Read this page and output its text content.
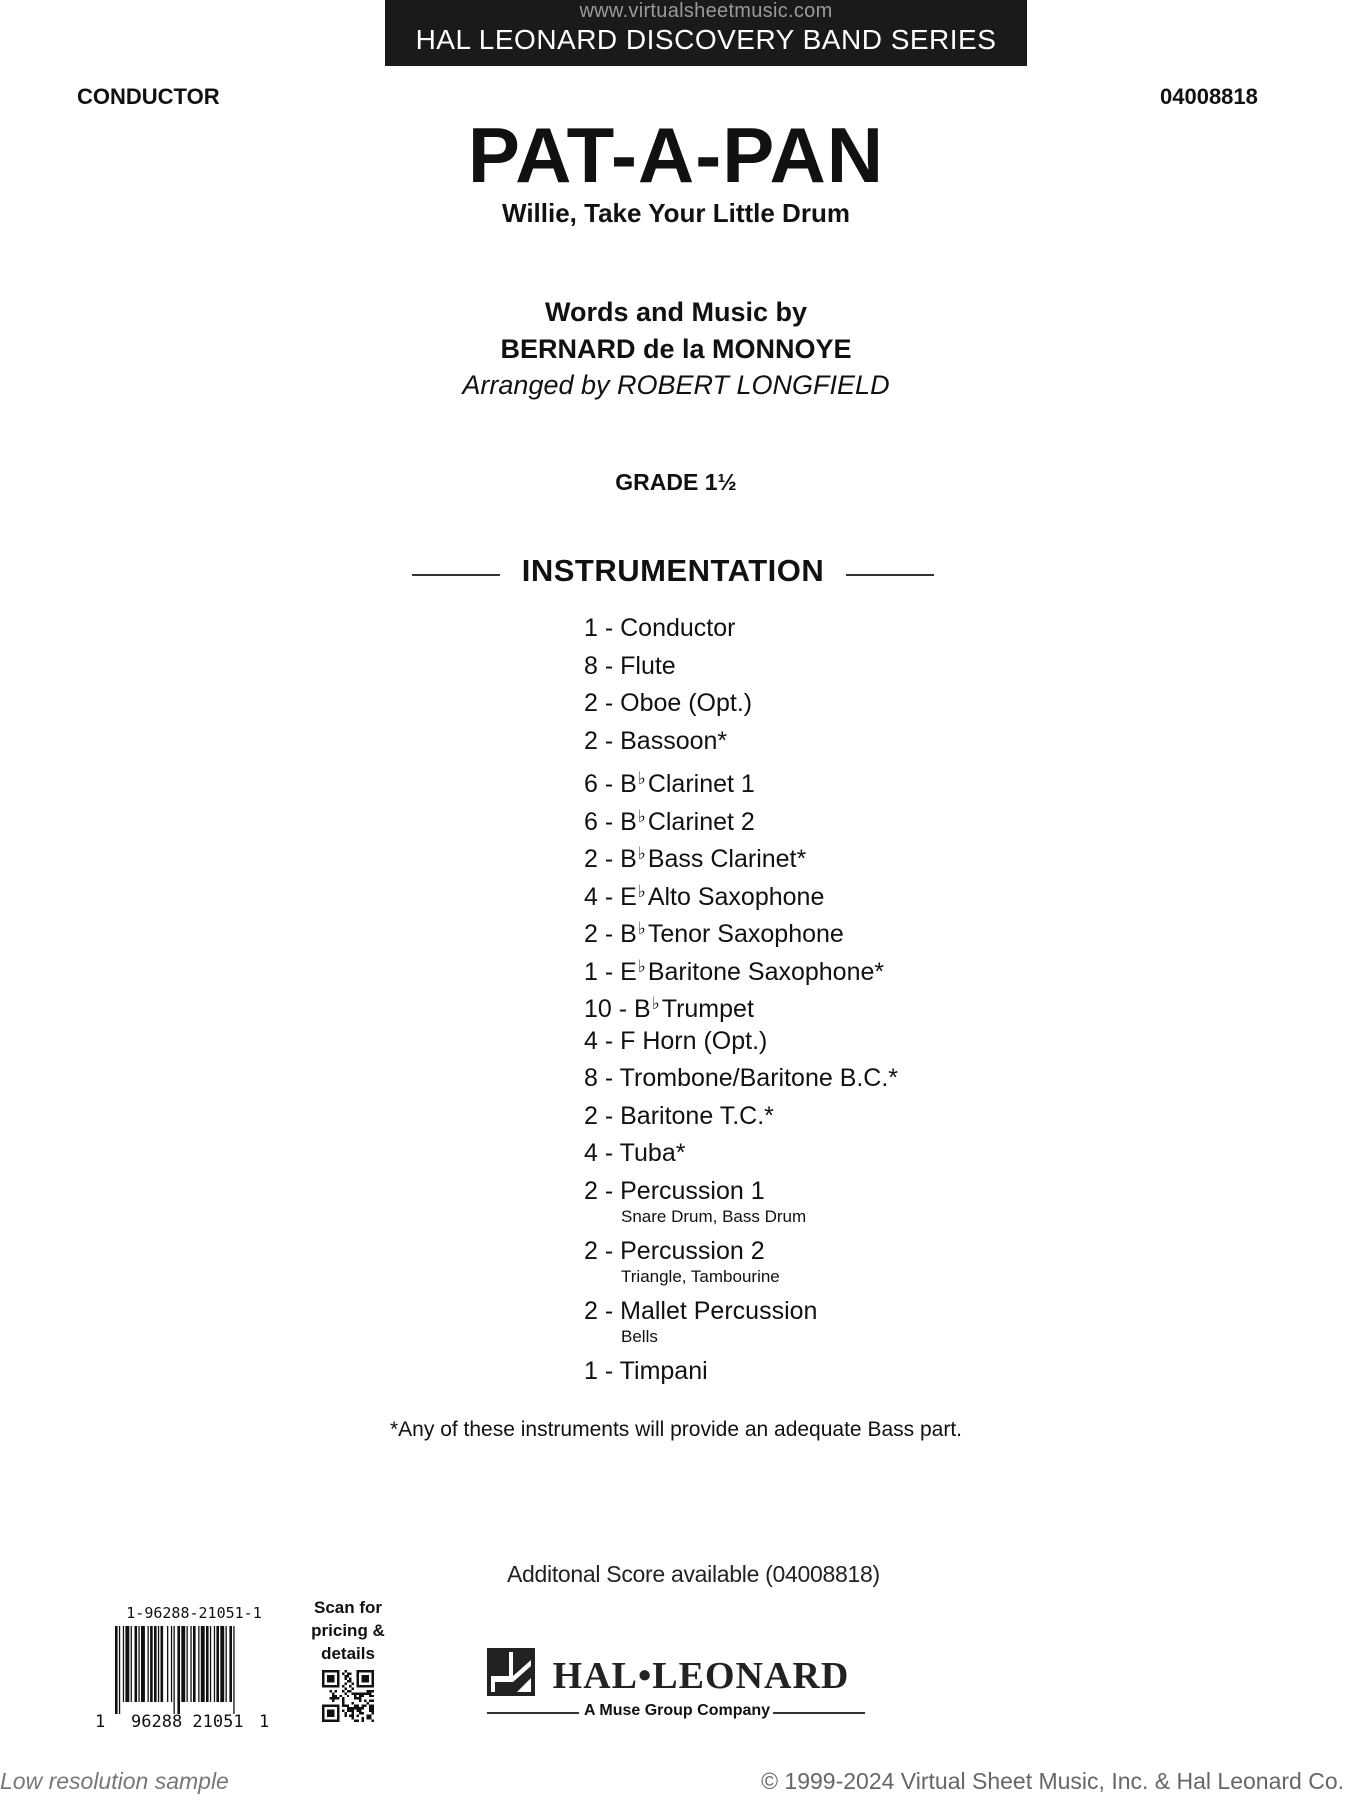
www.virtualsheetmusic.com
HAL LEONARD DISCOVERY BAND SERIES
CONDUCTOR	04008818
PAT-A-PAN
Willie, Take Your Little Drum
Words and Music by
BERNARD de la MONNOYE
Arranged by ROBERT LONGFIELD
GRADE 1½
INSTRUMENTATION
1 - Conductor
8 - Flute
2 - Oboe (Opt.)
2 - Bassoon*
6 - B♭Clarinet 1
6 - B♭Clarinet 2
2 - B♭Bass Clarinet*
4 - E♭Alto Saxophone
2 - B♭Tenor Saxophone
1 - E♭Baritone Saxophone*
10 - B♭Trumpet
4 - F Horn (Opt.)
8 - Trombone/Baritone B.C.*
2 - Baritone T.C.*
4 - Tuba*
2 - Percussion 1
Snare Drum, Bass Drum
2 - Percussion 2
Triangle, Tambourine
2 - Mallet Percussion
Bells
1 - Timpani
*Any of these instruments will provide an adequate Bass part.
Additonal Score available (04008818)
1-96288-21051-1
1 96288 21051 1
Scan for pricing & details
HAL•LEONARD
A Muse Group Company
Low resolution sample	© 1999-2024 Virtual Sheet Music, Inc. & Hal Leonard Co.
